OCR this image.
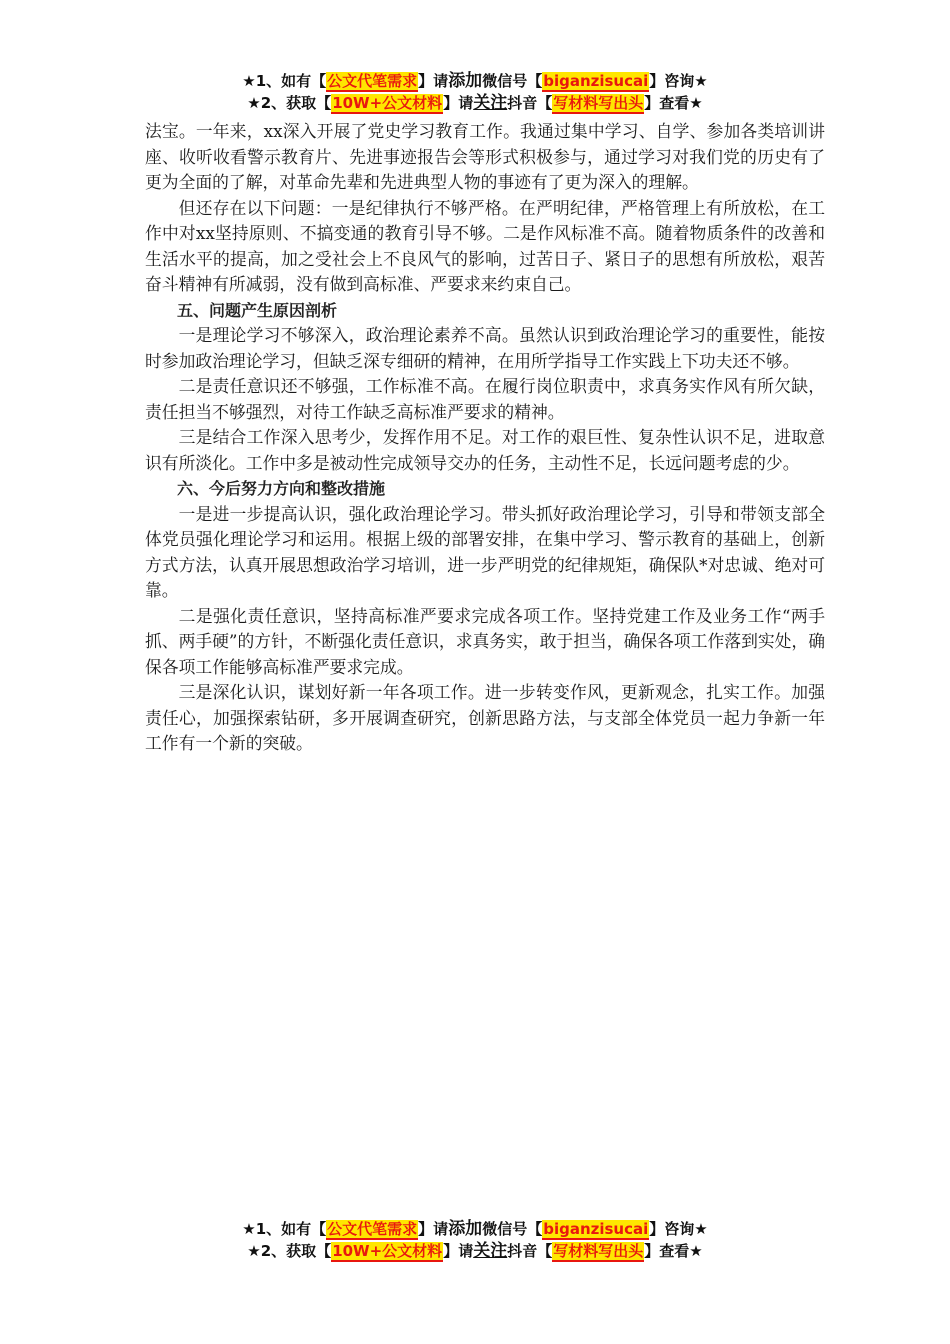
★1、如有【公文代笔需求】请添加微信号【biganzisucai】咨询★
★2、获取【10W+公文材料】请关注抖音【写材料写出头】查看★

法宝。一年来，xx深入开展了党史学习教育工作。我通过集中学习、自学、参加各类培训讲座、收听收看警示教育片、先进事迹报告会等形式积极参与，通过学习对我们党的历史有了更为全面的了解，对革命先辈和先进典型人物的事迹有了更为深入的理解。

但还存在以下问题：一是纪律执行不够严格。在严明纪律，严格管理上有所放松，在工作中对xx坚持原则、不搞变通的教育引导不够。二是作风标准不高。随着物质条件的改善和生活水平的提高，加之受社会上不良风气的影响，过苦日子、紧日子的思想有所放松，艰苦奋斗精神有所减弱，没有做到高标准、严要求来约束自己。

五、问题产生原因剖析

一是理论学习不够深入，政治理论素养不高。虽然认识到政治理论学习的重要性，能按时参加政治理论学习，但缺乏深专细研的精神，在用所学指导工作实践上下功夫还不够。

二是责任意识还不够强，工作标准不高。在履行岗位职责中，求真务实作风有所欠缺，责任担当不够强烈，对待工作缺乏高标准严要求的精神。

三是结合工作深入思考少，发挥作用不足。对工作的艰巨性、复杂性认识不足，进取意识有所淡化。工作中多是被动性完成领导交办的任务，主动性不足，长远问题考虑的少。

六、今后努力方向和整改措施

一是进一步提高认识，强化政治理论学习。带头抓好政治理论学习，引导和带领支部全体党员强化理论学习和运用。根据上级的部署安排，在集中学习、警示教育的基础上，创新方式方法，认真开展思想政治学习培训，进一步严明党的纪律规矩，确保队*对忠诚、绝对可靠。

二是强化责任意识，坚持高标准严要求完成各项工作。坚持党建工作及业务工作“两手抓、两手硬”的方针，不断强化责任意识，求真务实，敢于担当，确保各项工作落到实处，确保各项工作能够高标准严要求完成。

三是深化认识，谋划好新一年各项工作。进一步转变作风，更新观念，扎实工作。加强责任心，加强探索钻研，多开展调查研究，创新思路方法，与支部全体党员一起力争新一年工作有一个新的突破。

★1、如有【公文代笔需求】请添加微信号【biganzisucai】咨询★
★2、获取【10W+公文材料】请关注抖音【写材料写出头】查看★
